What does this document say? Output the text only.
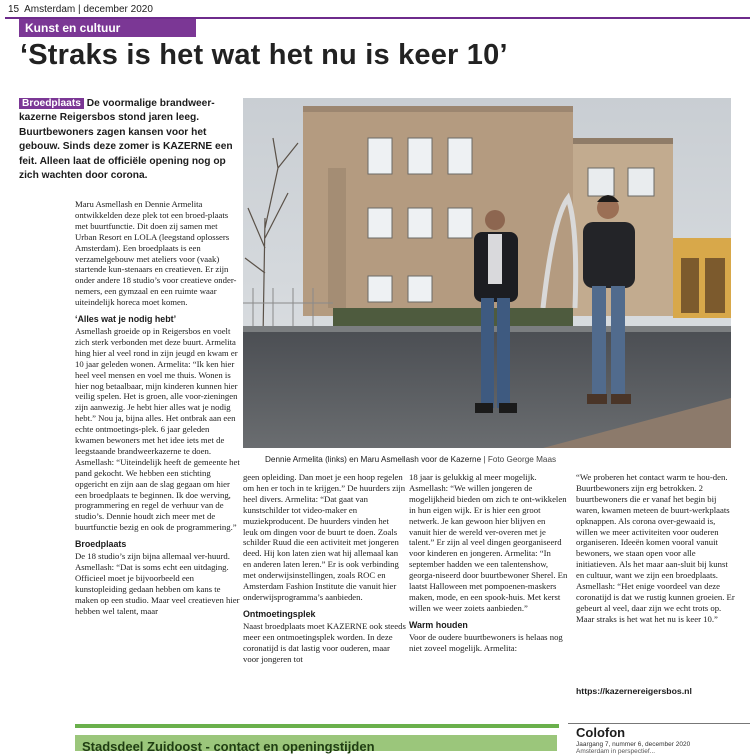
15 Amsterdam | december 2020
Kunst en cultuur
‘Straks is het wat het nu is keer 10’
Broedplaats De voormalige brandweer-kazerne Reigersbos stond jaren leeg. Buurtbewoners zagen kansen voor het gebouw. Sinds deze zomer is KAZERNE een feit. Alleen laat de officiële opening nog op zich wachten door corona.

Maru Asmellash en Dennie Armelita ontwikkelden deze plek tot een broed-plaats met buurtfunctie. Dit doen zij samen met Urban Resort en LOLA (leegstand oplossers Amsterdam). Een broedplaats is een verzamelgebouw met ateliers voor (vaak) startende kun-stenaars en creatieven. Er zijn onder andere 18 studio’s voor creatieve onder-nemers, een gymzaal en een ruimte waar uiteindelijk horeca moet komen.

‘Alles wat je nodig hebt’

Asmellash groeide op in Reigersbos en voelt zich sterk verbonden met deze buurt. Armelita hing hier al veel rond in zijn jeugd en kwam er 10 jaar geleden wonen. Armelita: “Ik ken hier heel veel mensen en voel me thuis. Wonen is hier nog betaalbaar, mijn kinderen kunnen hier veilig spelen. Het is groen, alle voor-zieningen zijn aanwezig. Je hebt hier alles wat je nodig hebt.” Nou ja, bijna alles. Het ontbrak aan een echte ontmoetings-plek. 6 jaar geleden kwamen bewoners met het idee iets met de leegstaande brandweerkazerne te doen. Asmellash: “Uiteindelijk heeft de gemeente het pand gekocht. We hebben een stichting opgericht en zijn aan de slag gegaan om hier een broedplaats te beginnen. Ik doe werving, programmering en regel de verhuur van de studio’s. Dennie houdt zich meer met de buurtfunctie bezig en ook de programmering.”

Broedplaats

De 18 studio’s zijn bijna allemaal ver-huurd. Asmellash: “Dat is soms echt een uitdaging. Officieel moet je bijvoorbeeld een kunstopleiding gedaan hebben om kans te maken op een studio. Maar veel creatieven hier hebben wel talent, maar

Dennie Armelita (links) en Maru Asmellash voor de Kazerne | Foto George Maas

geen opleiding. Dan moet je een hoop regelen om hen er toch in te krijgen.” De huurders zijn heel divers. Armelita: “Dat gaat van kunstschilder tot video-maker en muziekproducent. De huurders vinden het leuk om dingen voor de buurt te doen. Zoals schilder Ruud die een activiteit met jongeren deed. Hij kon laten zien wat hij allemaal kan en anderen laten leren.” Er is ook verbinding met onderwijsinstellingen, zoals ROC en Amsterdam Fashion Institute die vanuit hier onderwijsprogramma’s aanbieden.

Ontmoetingsplek

Naast broedplaats moet KAZERNE ook steeds meer een ontmoetingsplek worden. In deze coronatijd is dat lastig voor ouderen, maar voor jongeren tot

18 jaar is gelukkig al meer mogelijk. Asmellash: “We willen jongeren de mogelijkheid bieden om zich te ont-wikkelen in hun eigen wijk. Er is hier een groot netwerk. Je kan gewoon hier blijven en vanuit hier de wereld ver-overen met je talent.” Er zijn al veel dingen georganiseerd voor kinderen en jongeren. Armelita: “In september hadden we een talentenshow, georga-niseerd door buurtbewoner Sherel. En laatst Halloween met pompoenen-maskers maken, mode, en een spook-huis. Met kerst willen we weer zoiets aanbieden.”

Warm houden

Voor de oudere buurtbewoners is helaas nog niet zoveel mogelijk. Armelita:

“We proberen het contact warm te hou-den. Buurtbewoners zijn erg betrokken. 2 buurtbewoners die er vanaf het begin bij waren, kwamen meteen de buurt-werkplaats opknappen. Als corona over-gewaaid is, willen we meer activiteiten voor ouderen organiseren. Ideeën komen vooral vanuit bewoners, we staan open voor alle initiatieven. Als het maar aan-sluit bij kunst en cultuur, want we zijn een broedplaats. Asmellash: “Het enige voordeel van deze coronatijd is dat we rustig kunnen groeien. Er gebeurt al veel, daar zijn we echt trots op. Maar straks is het wat het nu is keer 10.”

https://kazernereigersbos.nl
Stadsdeel Zuidoost - contact en openingstijden
Colofon
Jaargang 7, nummer 6, december 2020
Amsterdam in perspectief...
